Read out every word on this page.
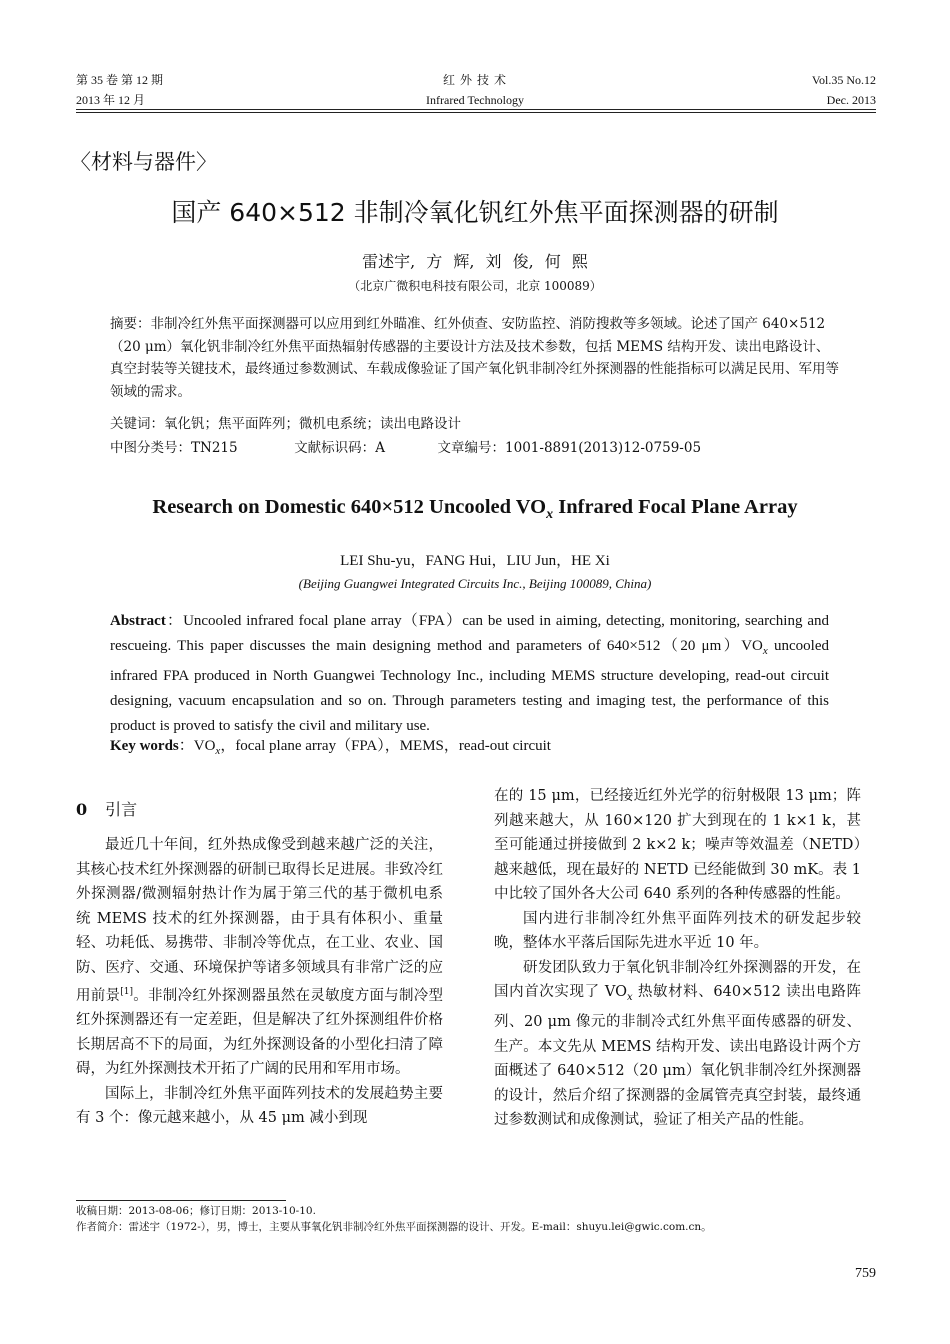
第 35 卷 第 12 期
2013 年 12 月
红 外 技 术
Infrared Technology
Vol.35 No.12
Dec. 2013
〈材料与器件〉
国产 640×512 非制冷氧化钒红外焦平面探测器的研制
雷述宇, 方 辉, 刘 俊, 何 熙
（北京广微积电科技有限公司，北京 100089）
摘要：非制冷红外焦平面探测器可以应用到红外瞄准、红外侦查、安防监控、消防搜救等多领域。论述了国产 640×512（20 μm）氧化钒非制冷红外焦平面热辐射传感器的主要设计方法及技术参数，包括 MEMS 结构开发、读出电路设计、真空封装等关键技术，最终通过参数测试、车载成像验证了国产氧化钒非制冷红外探测器的性能指标可以满足民用、军用等领域的需求。
关键词：氧化钒；焦平面阵列；微机电系统；读出电路设计
中图分类号：TN215	文献标识码：A	文章编号：1001-8891(2013)12-0759-05
Research on Domestic 640×512 Uncooled $VO_x$ Infrared Focal Plane Array
LEI Shu-yu，FANG Hui，LIU Jun，HE Xi
(Beijing Guangwei Integrated Circuits Inc., Beijing 100089, China)
Abstract：Uncooled infrared focal plane array（FPA）can be used in aiming, detecting, monitoring, searching and rescueing. This paper discusses the main designing method and parameters of 640×512（20 $\mu m)VO_x$ uncooled infrared FPA produced in North Guangwei Technology Inc., including MEMS structure developing, read-out circuit designing, vacuum encapsulation and so on. Through parameters testing and imaging test, the performance of this product is proved to satisfy the civil and military use.
Key words：$VO_x$，focal plane array（FPA），MEMS，read-out circuit
0 引言

最近几十年间，红外热成像受到越来越广泛的关注，其核心技术红外探测器的研制已取得长足进展。非致冷红外探测器/微测辐射热计作为属于第三代的基于微机电系统 MEMS 技术的红外探测器，由于具有体积小、重量轻、功耗低、易携带、非制冷等优点，在工业、农业、国防、医疗、交通、环境保护等诸多领域具有非常广泛的应用前景[1]。非制冷红外探测器虽然在灵敏度方面与制冷型红外探测器还有一定差距，但是解决了红外探测组件价格长期居高不下的局面，为红外探测设备的小型化扫清了障碍，为红外探测技术开拓了广阔的民用和军用市场。

国际上，非制冷红外焦平面阵列技术的发展趋势主要有 3 个：像元越来越小，从 45 μm 减小到现

在的 15 μm，已经接近红外光学的衍射极限 13 μm；阵列越来越大，从 160×120 扩大到现在的 1 k×1 k，甚至可能通过拼接做到 2 k×2 k；噪声等效温差（NETD）越来越低，现在最好的 NETD 已经能做到 30 mK。表 1 中比较了国外各大公司 640 系列的各种传感器的性能。

国内进行非制冷红外焦平面阵列技术的研发起步较晚，整体水平落后国际先进水平近 10 年。

研发团队致力于氧化钒非制冷红外探测器的开发，在国内首次实现了 $VO_x$ 热敏材料、640×512 读出电路阵列、20 μm 像元的非制冷式红外焦平面传感器的研发、生产。本文先从 MEMS 结构开发、读出电路设计两个方面概述了 640×512（20 μm）氧化钒非制冷红外探测器的设计，然后介绍了探测器的金属管壳真空封装，最终通过参数测试和成像测试，验证了相关产品的性能。

收稿日期：2013-08-06；修订日期：2013-10-10.
作者简介：雷述宇（1972-），男，博士，主要从事氧化钒非制冷红外焦平面探测器的设计、开发。E-mail：shuyu.lei@gwic.com.cn。
759
